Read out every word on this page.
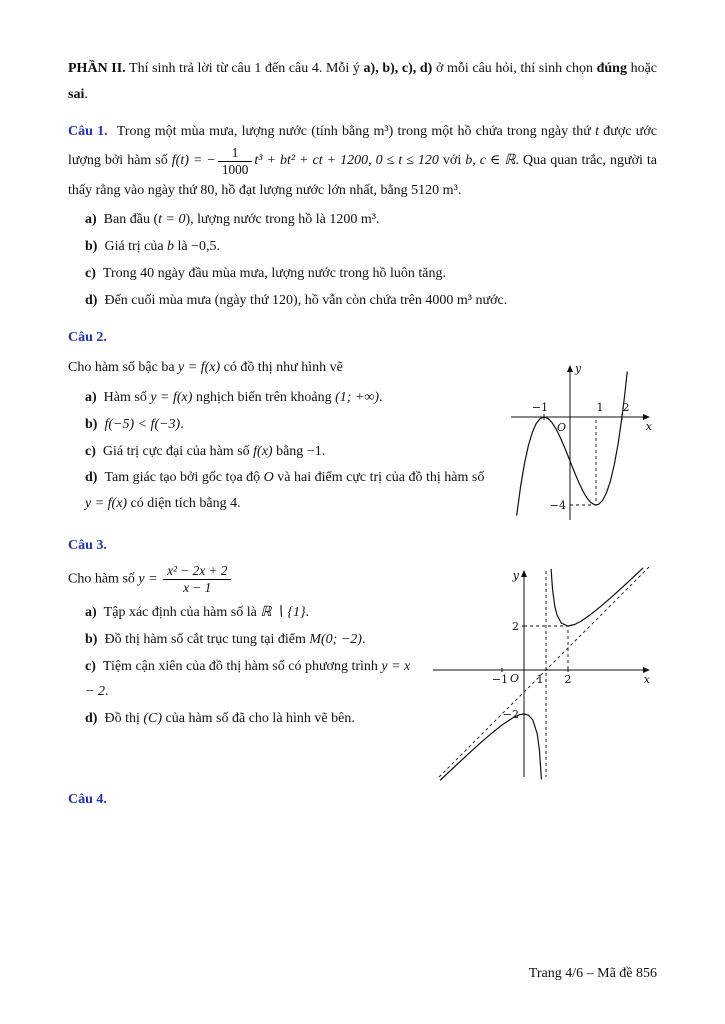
PHẦN II. Thí sinh trả lời từ câu 1 đến câu 4. Mỗi ý a), b), c), d) ở mỗi câu hỏi, thí sinh chọn đúng hoặc sai.

Câu 1. Trong một mùa mưa, lượng nước (tính bằng m³) trong một hồ chứa trong ngày thứ t được ước lượng bởi hàm số f(t) = − $\frac{1}{1000} t^3 + bt^2$ + ct + 1200, 0 ≤ t ≤ 120 với b, c ∈ ℝ. Qua quan trắc, người ta thấy rằng vào ngày thứ 80, hồ đạt lượng nước lớn nhất, bằng 5120 m³.

a) Ban đầu (t = 0), lượng nước trong hồ là 1200 m³.
b) Giá trị của b là −0,5.
c) Trong 40 ngày đầu mùa mưa, lượng nước trong hồ luôn tăng.
d) Đến cuối mùa mưa (ngày thứ 120), hồ vẫn còn chứa trên 4000 m³ nước.

Câu 2.

y
x
O
−1	1 2
−4

Cho hàm số bậc ba y = f(x) có đồ thị như hình vẽ

a) Hàm số y = f(x) nghịch biến trên khoảng (1; +∞).
b) f(−5) < f(−3).
c) Giá trị cực đại của hàm số f(x) bằng −1.
d) Tam giác tạo bởi gốc tọa độ O và hai điểm cực trị của đồ thị hàm số y = f(x) có diện tích bằng 4.

Câu 3.

y
x
O 1 2
−1
2
−2

Cho hàm số $y = \frac{\text{x² − 2x + 2}}{x - 1}$

a) Tập xác định của hàm số là ℝ ∖ {1}.
b) Đồ thị hàm số cắt trục tung tại điểm M(0; −2).
c) Tiệm cận xiên của đồ thị hàm số có phương trình y = x − 2.
d) Đồ thị (C) của hàm số đã cho là hình vẽ bên.

Câu 4.

Trang 4/6 – Mã đề 856
